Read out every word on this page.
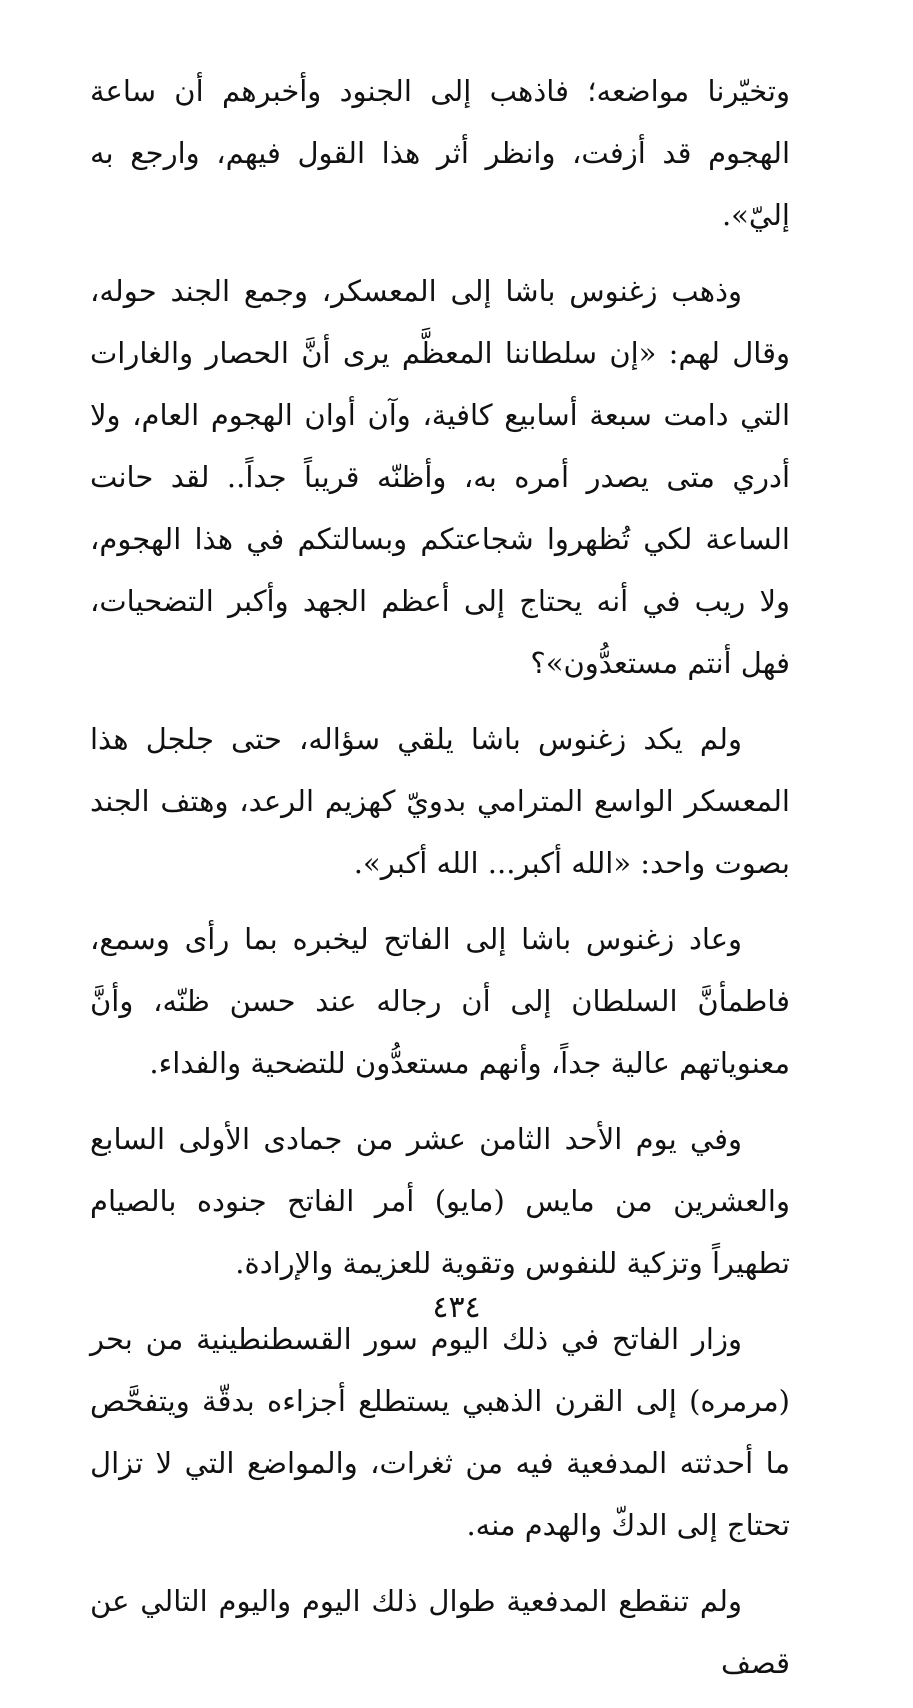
وتخيّرنا مواضعه؛ فاذهب إلى الجنود وأخبرهم أن ساعة الهجوم قد أزفت، وانظر أثر هذا القول فيهم، وارجع به إليّ».

وذهب زغنوس باشا إلى المعسكر، وجمع الجند حوله، وقال لهم: «إن سلطاننا المعظَّم يرى أنَّ الحصار والغارات التي دامت سبعة أسابيع كافية، وآن أوان الهجوم العام، ولا أدري متى يصدر أمره به، وأظنّه قريباً جداً.. لقد حانت الساعة لكي تُظهروا شجاعتكم وبسالتكم في هذا الهجوم، ولا ريب في أنه يحتاج إلى أعظم الجهد وأكبر التضحيات، فهل أنتم مستعدُّون»؟

ولم يكد زغنوس باشا يلقي سؤاله، حتى جلجل هذا المعسكر الواسع المترامي بدويّ كهزيم الرعد، وهتف الجند بصوت واحد: «الله أكبر... الله أكبر».

وعاد زغنوس باشا إلى الفاتح ليخبره بما رأى وسمع، فاطمأنَّ السلطان إلى أن رجاله عند حسن ظنّه، وأنَّ معنوياتهم عالية جداً، وأنهم مستعدُّون للتضحية والفداء.

وفي يوم الأحد الثامن عشر من جمادى الأولى السابع والعشرين من مايس (مايو) أمر الفاتح جنوده بالصيام تطهيراً وتزكية للنفوس وتقوية للعزيمة والإرادة.

وزار الفاتح في ذلك اليوم سور القسطنطينية من بحر (مرمره) إلى القرن الذهبي يستطلع أجزاءه بدقّة ويتفحَّص ما أحدثته المدفعية فيه من ثغرات، والمواضع التي لا تزال تحتاج إلى الدكّ والهدم منه.

ولم تنقطع المدفعية طوال ذلك اليوم واليوم التالي عن قصف

٤٣٤
